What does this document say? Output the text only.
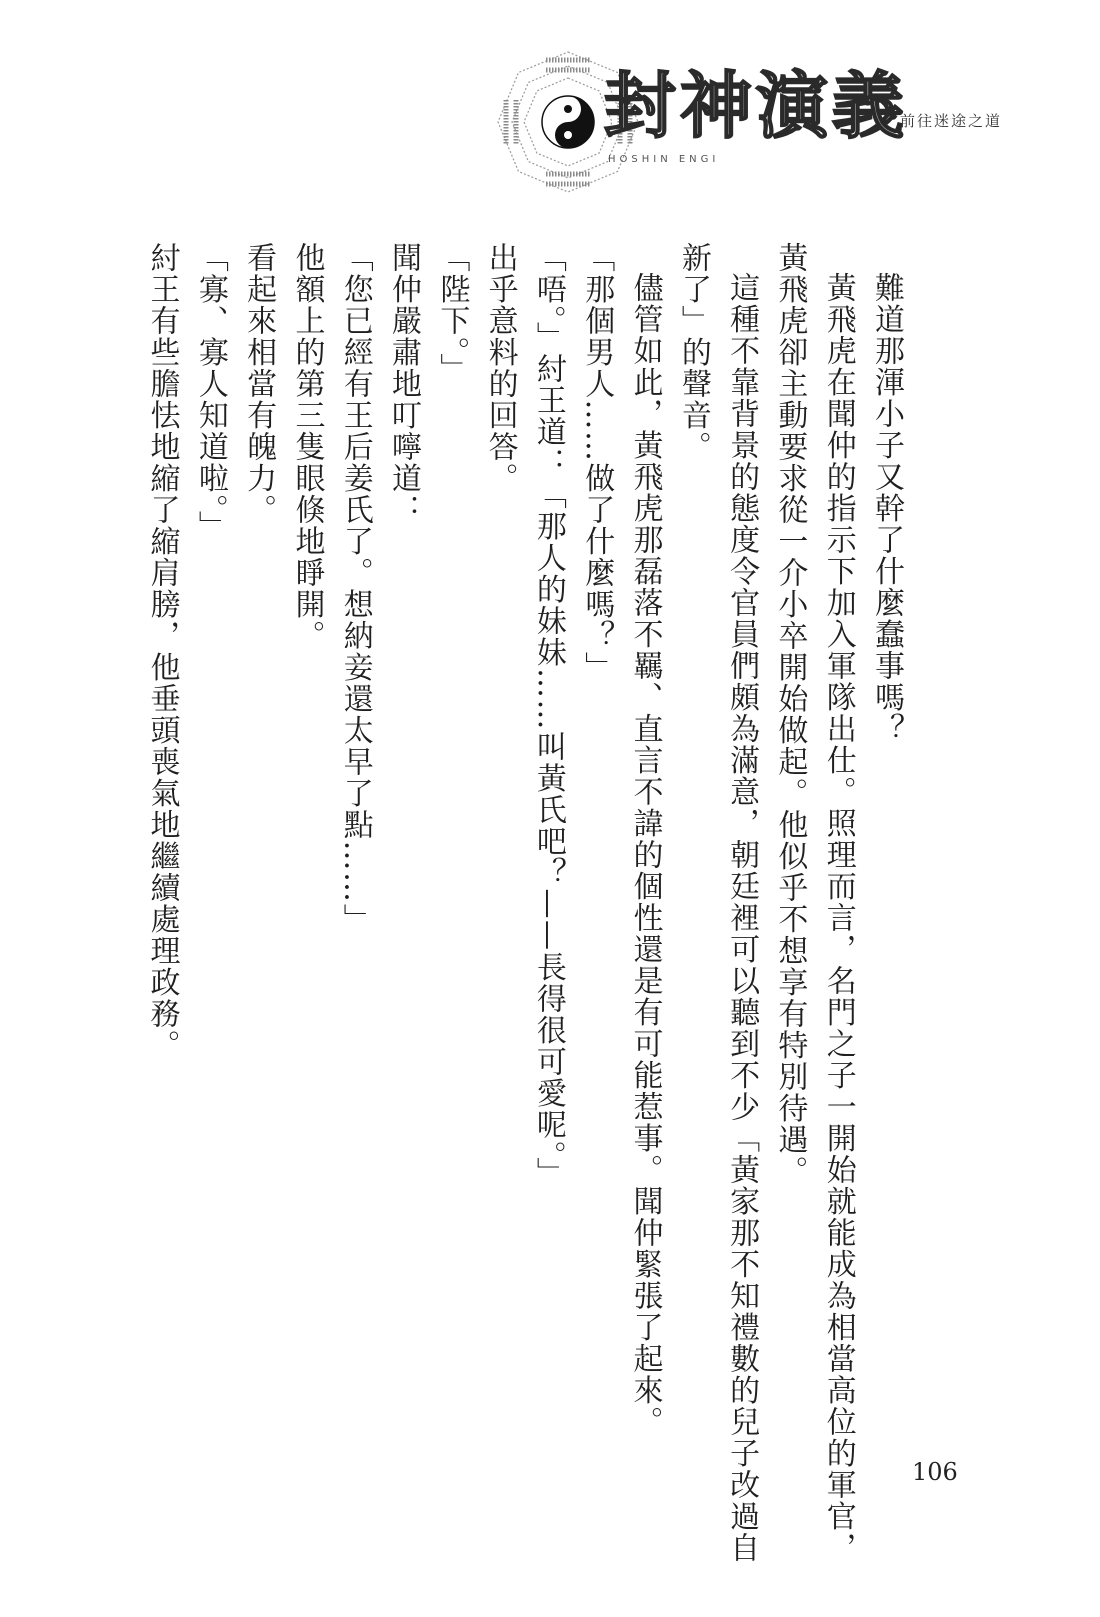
封神演義
HOSHIN ENGI
前往迷途之道

難道那渾小子又幹了什麼蠢事嗎？

黃飛虎在聞仲的指示下加入軍隊出仕。照理而言，名門之子一開始就能成為相當高位的軍官，黃飛虎卻主動要求從一介小卒開始做起。他似乎不想享有特別待遇。

這種不靠背景的態度令官員們頗為滿意，朝廷裡可以聽到不少「黃家那不知禮數的兒子改過自新了」的聲音。

儘管如此，黃飛虎那磊落不羈、直言不諱的個性還是有可能惹事。聞仲緊張了起來。

「那個男人……做了什麼嗎？」

「唔。」紂王道：「那人的妹妹……叫黃氏吧？——長得很可愛呢。」

出乎意料的回答。

「陛下。」

聞仲嚴肅地叮嚀道：

「您已經有王后姜氏了。想納妾還太早了點……」

他額上的第三隻眼倏地睜開。

看起來相當有魄力。

「寡、寡人知道啦。」

紂王有些膽怯地縮了縮肩膀，他垂頭喪氣地繼續處理政務。

106
